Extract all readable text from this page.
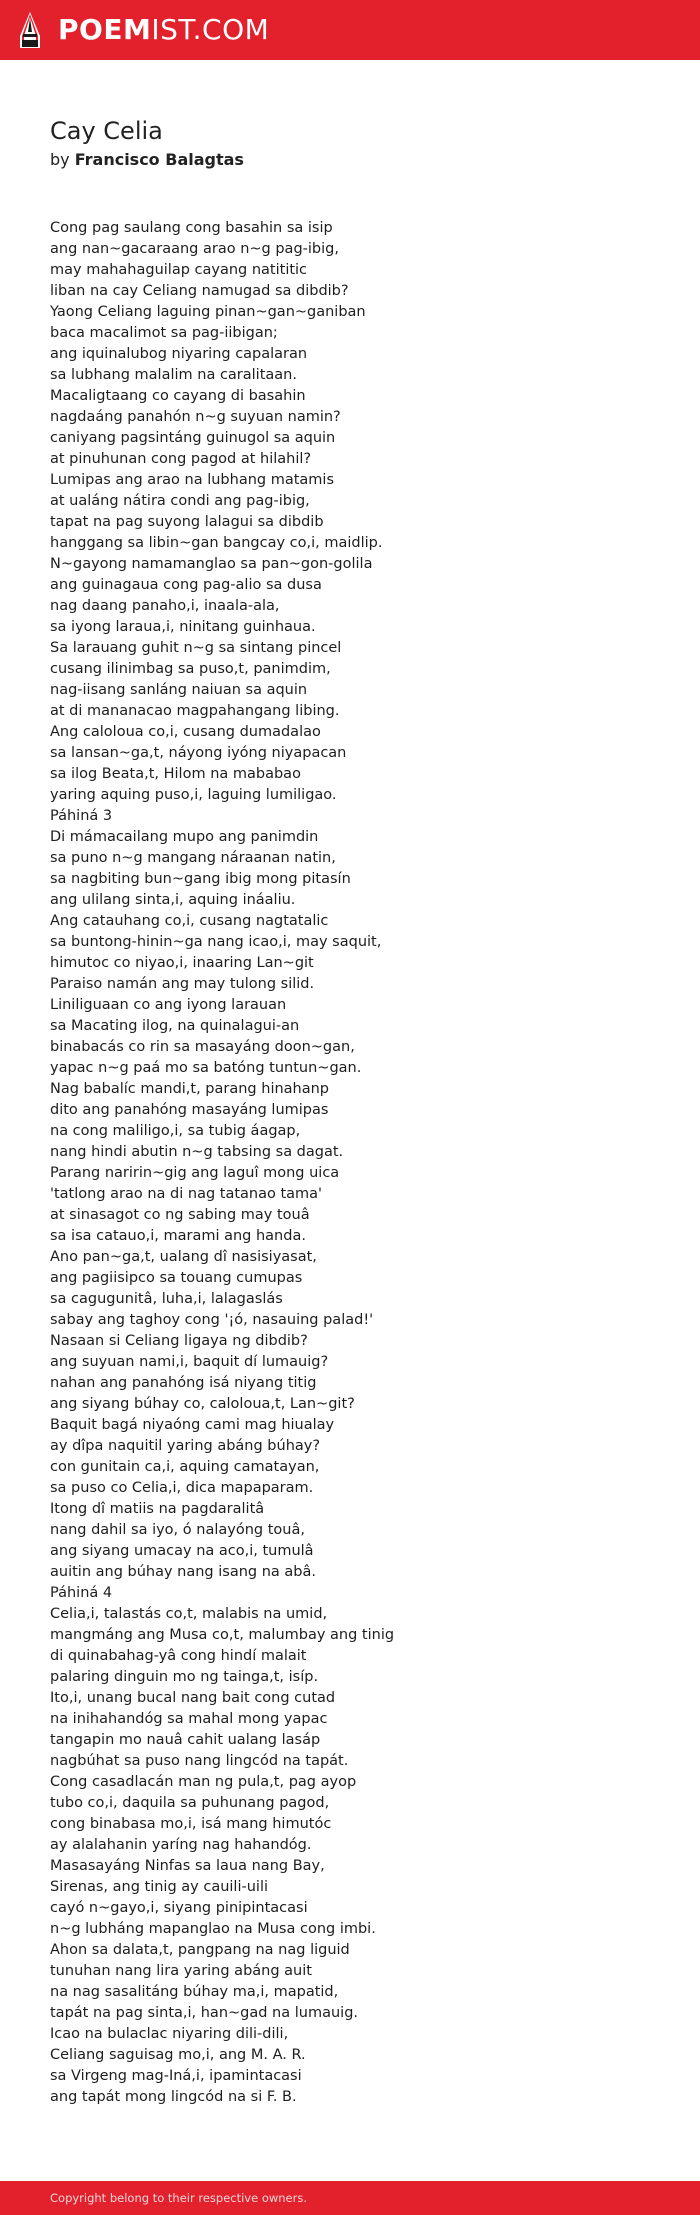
POEMIST.COM
Cay Celia
by Francisco Balagtas
Cong pag saulang cong basahin sa isip
ang nan~gacaraang arao n~g pag-ibig,
may mahahaguilap cayang natititic
liban na cay Celiang namugad sa dibdib?
Yaong Celiang laguing pinan~gan~ganiban
baca macalimot sa pag-iibigan;
ang iquinalubog niyaring capalaran
sa lubhang malalim na caralitaan.
Macaligtaang co cayang di basahin
nagdaáng panahón n~g suyuan namin?
caniyang pagsintáng guinugol sa aquin
at pinuhunan cong pagod at hilahil?
Lumipas ang arao na lubhang matamis
at ualáng nátira condi ang pag-ibig,
tapat na pag suyong lalagui sa dibdib
hanggang sa libin~gan bangcay co,i, maidlip.
N~gayong namamanglao sa pan~gon-golila
ang guinagaua cong pag-alio sa dusa
nag daang panaho,i, inaala-ala,
sa iyong laraua,i, ninitang guinhaua.
Sa larauang guhit n~g sa sintang pincel
cusang ilinimbag sa puso,t, panimdim,
nag-iisang sanláng naiuan sa aquin
at di mananacao magpahangang libing.
Ang caloloua co,i, cusang dumadalao
sa lansan~ga,t, náyong iyóng niyapacan
sa ilog Beata,t, Hilom na mababao
yaring aquing puso,i, laguing lumiligao.
Páhiná 3
Di mámacailang mupo ang panimdin
sa puno n~g mangang náraanan natin,
sa nagbiting bun~gang ibig mong pitasín
ang ulilang sinta,i, aquing ináaliu.
Ang catauhang co,i, cusang nagtatalic
sa buntong-hinin~ga nang icao,i, may saquit,
himutoc co niyao,i, inaaring Lan~git
Paraiso namán ang may tulong silid.
Liniliguaan co ang iyong larauan
sa Macating ilog, na quinalagui-an
binabacás co rin sa masayáng doon~gan,
yapac n~g paá mo sa batóng tuntun~gan.
Nag babalíc mandi,t, parang hinahanp
dito ang panahóng masayáng lumipas
na cong maliligo,i, sa tubig áagap,
nang hindi abutin n~g tabsing sa dagat.
Parang naririn~gig ang laguî mong uica
'tatlong arao na di nag tatanao tama'
at sinasagot co ng sabing may touâ
sa isa catauo,i, marami ang handa.
Ano pan~ga,t, ualang dî nasisiyasat,
ang pagiisipco sa touang cumupas
sa cagugunitâ, luha,i, lalagaslás
sabay ang taghoy cong '¡ó, nasauing palad!'
Nasaan si Celiang ligaya ng dibdib?
ang suyuan nami,i, baquit dí lumauig?
nahan ang panahóng isá niyang titig
ang siyang búhay co, caloloua,t, Lan~git?
Baquit bagá niyaóng cami mag hiualay
ay dîpa naquitil yaring abáng búhay?
con gunitain ca,i, aquing camatayan,
sa puso co Celia,i, dica mapaparam.
Itong dî matiis na pagdaralitâ
nang dahil sa iyo, ó nalayóng touâ,
ang siyang umacay na aco,i, tumulâ
auitin ang búhay nang isang na abâ.
Páhiná 4
Celia,i, talastás co,t, malabis na umid,
mangmáng ang Musa co,t, malumbay ang tinig
di quinabahag-yâ cong hindí malait
palaring dinguin mo ng tainga,t, isíp.
Ito,i, unang bucal nang bait cong cutad
na inihahandóg sa mahal mong yapac
tangapin mo nauâ cahit ualang lasáp
nagbúhat sa puso nang lingcód na tapát.
Cong casadlacán man ng pula,t, pag ayop
tubo co,i, daquila sa puhunang pagod,
cong binabasa mo,i, isá mang himutóc
ay alalahanin yaríng nag hahandóg.
Masasayáng Ninfas sa laua nang Bay,
Sirenas, ang tinig ay cauili-uili
cayó n~gayo,i, siyang pinipintacasi
n~g lubháng mapanglao na Musa cong imbi.
Ahon sa dalata,t, pangpang na nag liguid
tunuhan nang lira yaring abáng auit
na nag sasalitáng búhay ma,i, mapatid,
tapát na pag sinta,i, han~gad na lumauig.
Icao na bulaclac niyaring dili-dili,
Celiang saguisag mo,i, ang M. A. R.
sa Virgeng mag-Iná,i, ipamintacasi
ang tapát mong lingcód na si F. B.
Copyright belong to their respective owners.
